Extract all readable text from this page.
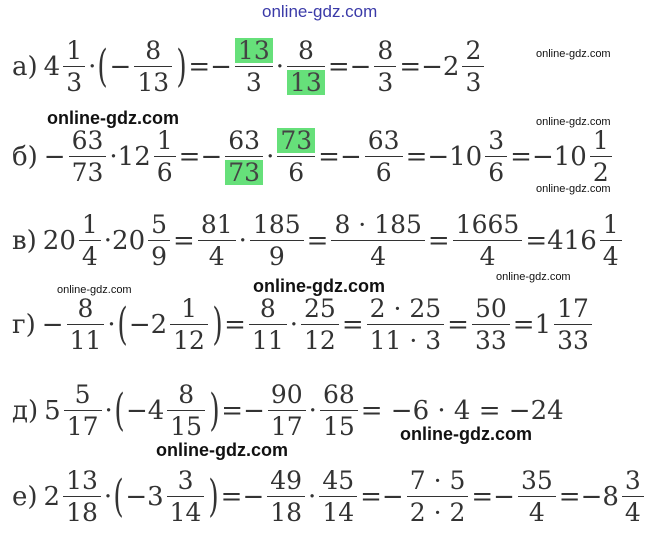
online-gdz.com
online-gdz.com
online-gdz.com	online-gdz.com
online-gdz.com
online-gdz.com
online-gdz.com	online-gdz.com
online-gdz.com
online-gdz.com
а) $4 \frac{1}{3}$ · ( − $\frac{8}{13}$ ) = − $\frac{13}{3} \cdot \frac{8}{13}$ = − $\frac{8}{3} = -2 \frac{2}{3}$
$б) - \frac{63}{73} \cdot 12 \frac{1}{6}$ = − $\frac{63}{73} \cdot \frac{73}{6}$ = − $\frac{63}{6} = -10 \frac{3}{6} = -10 \frac{1}{2}$
в) $20 \frac{1}{4} \cdot 20 \frac{5}{9} = \frac{81}{4} \cdot \frac{185}{9} = \frac{8 \cdot 185}{4} = \frac{1665}{4} = 416 \frac{1}{4}$
$г) - \frac{8}{11}$ · ( $-2 \frac{1}{12}$ ) = $\frac{8}{11} \cdot \frac{25}{12} = \frac{2 \cdot 25}{11 \cdot 3} = \frac{50}{33} = 1 \frac{17}{33}$
д) $5 \frac{5}{17}$ · ( $-4 \frac{8}{15}$ ) = − $\frac{90}{17} \cdot \frac{68}{15} = -6 \cdot 4 = -24$
е) $2 \frac{13}{18}$ · ( $-3 \frac{3}{14}$ ) = − $\frac{49}{18} \cdot \frac{45}{14}$ = − $\frac{7 \cdot 5}{2 \cdot 2}$ = − $\frac{35}{4} = -8 \frac{3}{4}$
